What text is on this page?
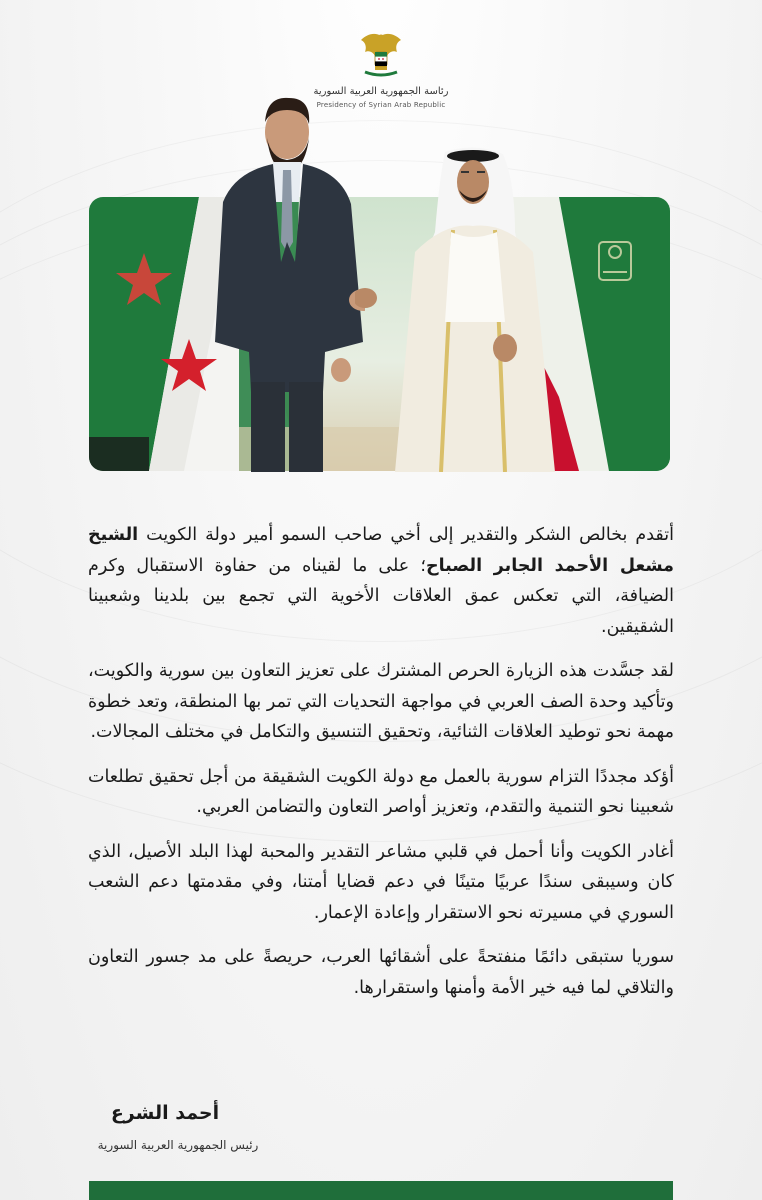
رئاسة الجمهورية العربية السورية
Presidency of Syrian Arab Republic

أتقدم بخالص الشكر والتقدير إلى أخي صاحب السمو أمير دولة الكويت الشيخ مشعل الأحمد الجابر الصباح؛ على ما لقيناه من حفاوة الاستقبال وكرم الضيافة، التي تعكس عمق العلاقات الأخوية التي تجمع بين بلدينا وشعبينا الشقيقين.

لقد جسَّدت هذه الزيارة الحرص المشترك على تعزيز التعاون بين سورية والكويت، وتأكيد وحدة الصف العربي في مواجهة التحديات التي تمر بها المنطقة، وتعد خطوة مهمة نحو توطيد العلاقات الثنائية، وتحقيق التنسيق والتكامل في مختلف المجالات.

أؤكد مجددًا التزام سورية بالعمل مع دولة الكويت الشقيقة من أجل تحقيق تطلعات شعبينا نحو التنمية والتقدم، وتعزيز أواصر التعاون والتضامن العربي.

أغادر الكويت وأنا أحمل في قلبي مشاعر التقدير والمحبة لهذا البلد الأصيل، الذي كان وسيبقى سندًا عربيًا متينًا في دعم قضايا أمتنا، وفي مقدمتها دعم الشعب السوري في مسيرته نحو الاستقرار وإعادة الإعمار.

سوريا ستبقى دائمًا منفتحةً على أشقائها العرب، حريصةً على مد جسور التعاون والتلاقي لما فيه خير الأمة وأمنها واستقرارها.

أحمد الشرع
رئيس الجمهورية العربية السورية
